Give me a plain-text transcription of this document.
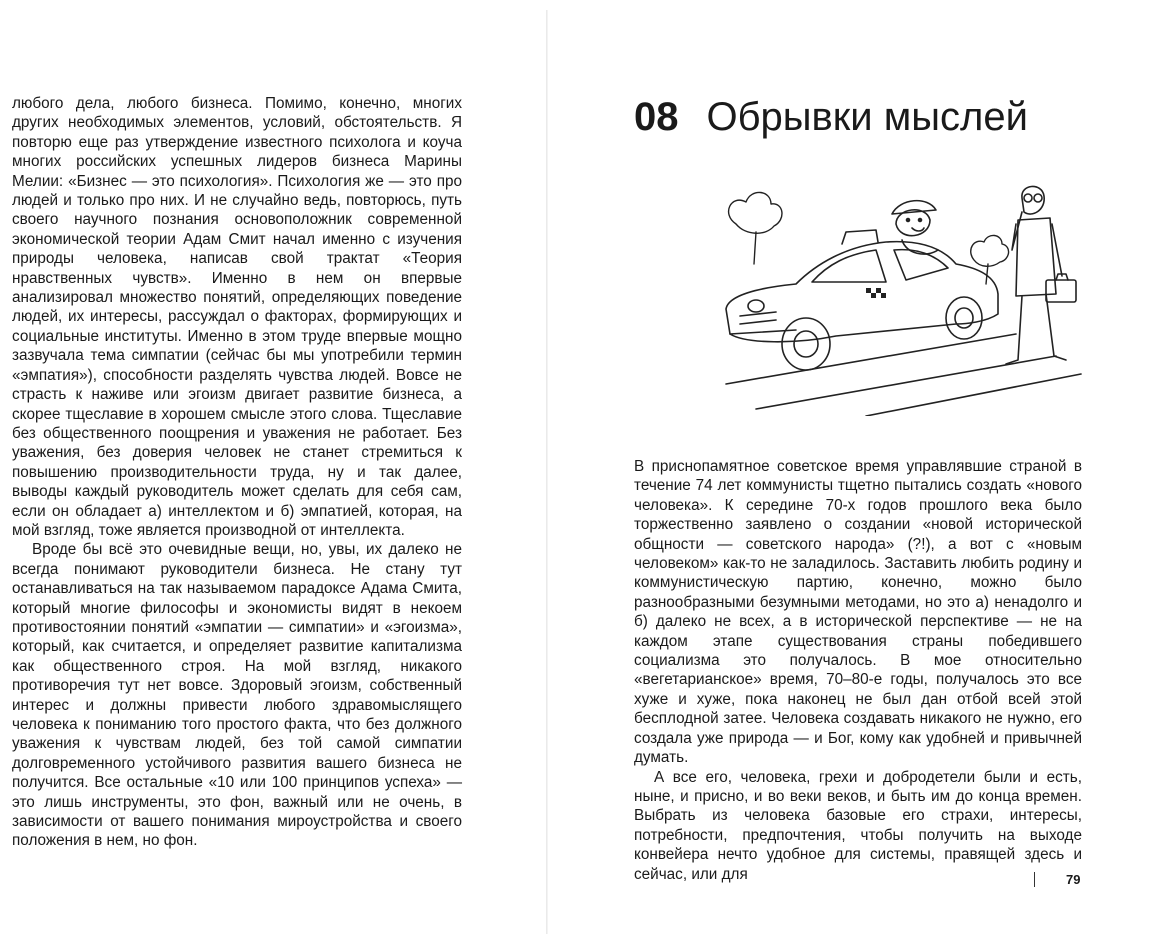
любого дела, любого бизнеса. Помимо, конечно, многих других необходимых элементов, условий, обстоятельств. Я повторю еще раз утверждение известного психолога и коуча многих российских успешных лидеров бизнеса Марины Мелии: «Бизнес — это психология». Психология же — это про людей и только про них. И не случайно ведь, повторюсь, путь своего научного познания основоположник современной экономической теории Адам Смит начал именно с изучения природы человека, написав свой трактат «Теория нравственных чувств». Именно в нем он впервые анализировал множество понятий, определяющих поведение людей, их интересы, рассуждал о факторах, формирующих и социальные институты. Именно в этом труде впервые мощно зазвучала тема симпатии (сейчас бы мы употребили термин «эмпатия»), способности разделять чувства людей. Вовсе не страсть к наживе или эгоизм двигает развитие бизнеса, а скорее тщеславие в хорошем смысле этого слова. Тщеславие без общественного поощрения и уважения не работает. Без уважения, без доверия человек не станет стремиться к повышению производительности труда, ну и так далее, выводы каждый руководитель может сделать для себя сам, если он обладает а) интеллектом и б) эмпатией, которая, на мой взгляд, тоже является производной от интеллекта.

Вроде бы всё это очевидные вещи, но, увы, их далеко не всегда понимают руководители бизнеса. Не стану тут останавливаться на так называемом парадоксе Адама Смита, который многие философы и экономисты видят в некоем противостоянии понятий «эмпатии — симпатии» и «эгоизма», который, как считается, и определяет развитие капитализма как общественного строя. На мой взгляд, никакого противоречия тут нет вовсе. Здоровый эгоизм, собственный интерес и должны привести любого здравомыслящего человека к пониманию того простого факта, что без должного уважения к чувствам людей, без той самой симпатии долговременного устойчивого развития вашего бизнеса не получится. Все остальные «10 или 100 принципов успеха» — это лишь инструменты, это фон, важный или не очень, в зависимости от вашего понимания мироустройства и своего положения в нем, но фон.

08 Обрывки мыслей

В приснопамятное советское время управлявшие страной в течение 74 лет коммунисты тщетно пытались создать «нового человека». К середине 70-х годов прошлого века было торжественно заявлено о создании «новой исторической общности — советского народа» (?!), а вот с «новым человеком» как-то не заладилось. Заставить любить родину и коммунистическую партию, конечно, можно было разнообразными безумными методами, но это а) ненадолго и б) далеко не всех, а в исторической перспективе — не на каждом этапе существования страны победившего социализма это получалось. В мое относительно «вегетарианское» время, 70–80-е годы, получалось это все хуже и хуже, пока наконец не был дан отбой всей этой бесплодной затее. Человека создавать никакого не нужно, его создала уже природа — и Бог, кому как удобней и привычней думать.

А все его, человека, грехи и добродетели были и есть, ныне, и присно, и во веки веков, и быть им до конца времен. Выбрать из человека базовые его страхи, интересы, потребности, предпочтения, чтобы получить на выходе конвейера нечто удобное для системы, правящей здесь и сейчас, или для	79
